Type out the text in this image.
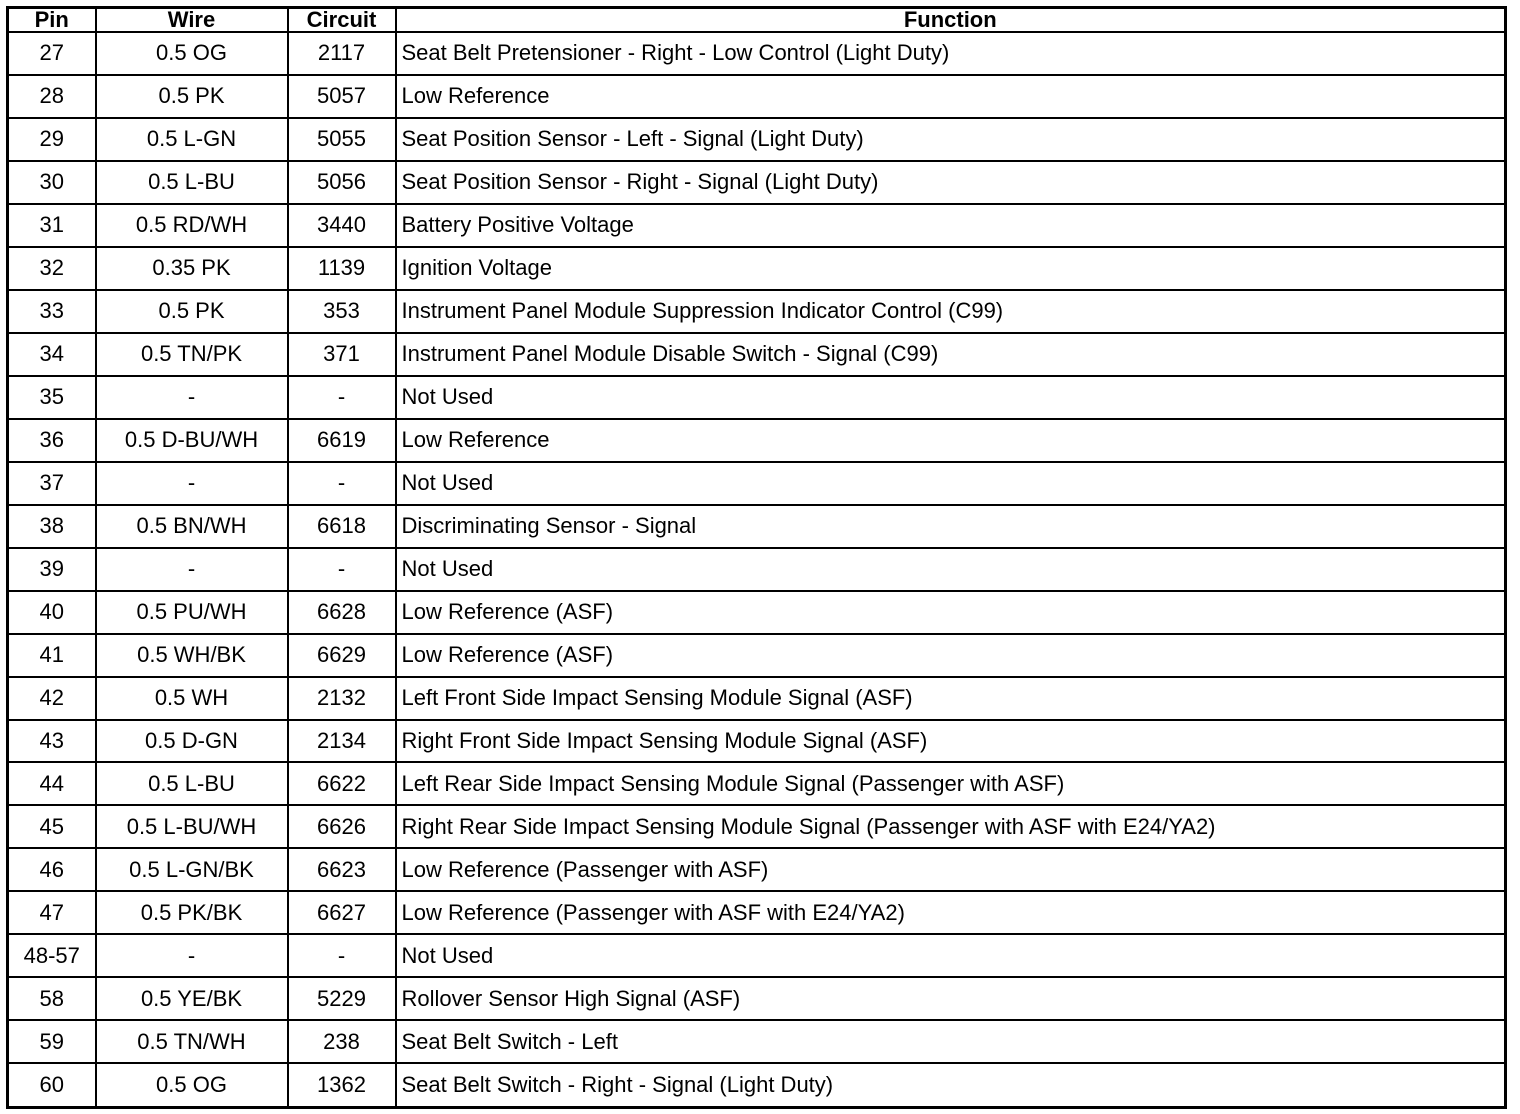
Pin	Wire	Circuit	Function
27	0.5 OG	2117	Seat Belt Pretensioner - Right - Low Control (Light Duty)
28	0.5 PK	5057	Low Reference
29	0.5 L-GN	5055	Seat Position Sensor - Left - Signal (Light Duty)
30	0.5 L-BU	5056	Seat Position Sensor - Right - Signal (Light Duty)
31	0.5 RD/WH	3440	Battery Positive Voltage
32	0.35 PK	1139	Ignition Voltage
33	0.5 PK	353	Instrument Panel Module Suppression Indicator Control (C99)
34	0.5 TN/PK	371	Instrument Panel Module Disable Switch - Signal (C99)
35	-	-	Not Used
36	0.5 D-BU/WH	6619	Low Reference
37	-	-	Not Used
38	0.5 BN/WH	6618	Discriminating Sensor - Signal
39	-	-	Not Used
40	0.5 PU/WH	6628	Low Reference (ASF)
41	0.5 WH/BK	6629	Low Reference (ASF)
42	0.5 WH	2132	Left Front Side Impact Sensing Module Signal (ASF)
43	0.5 D-GN	2134	Right Front Side Impact Sensing Module Signal (ASF)
44	0.5 L-BU	6622	Left Rear Side Impact Sensing Module Signal (Passenger with ASF)
45	0.5 L-BU/WH	6626	Right Rear Side Impact Sensing Module Signal (Passenger with ASF with E24/YA2)
46	0.5 L-GN/BK	6623	Low Reference (Passenger with ASF)
47	0.5 PK/BK	6627	Low Reference (Passenger with ASF with E24/YA2)
48-57	-	-	Not Used
58	0.5 YE/BK	5229	Rollover Sensor High Signal (ASF)
59	0.5 TN/WH	238	Seat Belt Switch - Left
60	0.5 OG	1362	Seat Belt Switch - Right - Signal (Light Duty)
